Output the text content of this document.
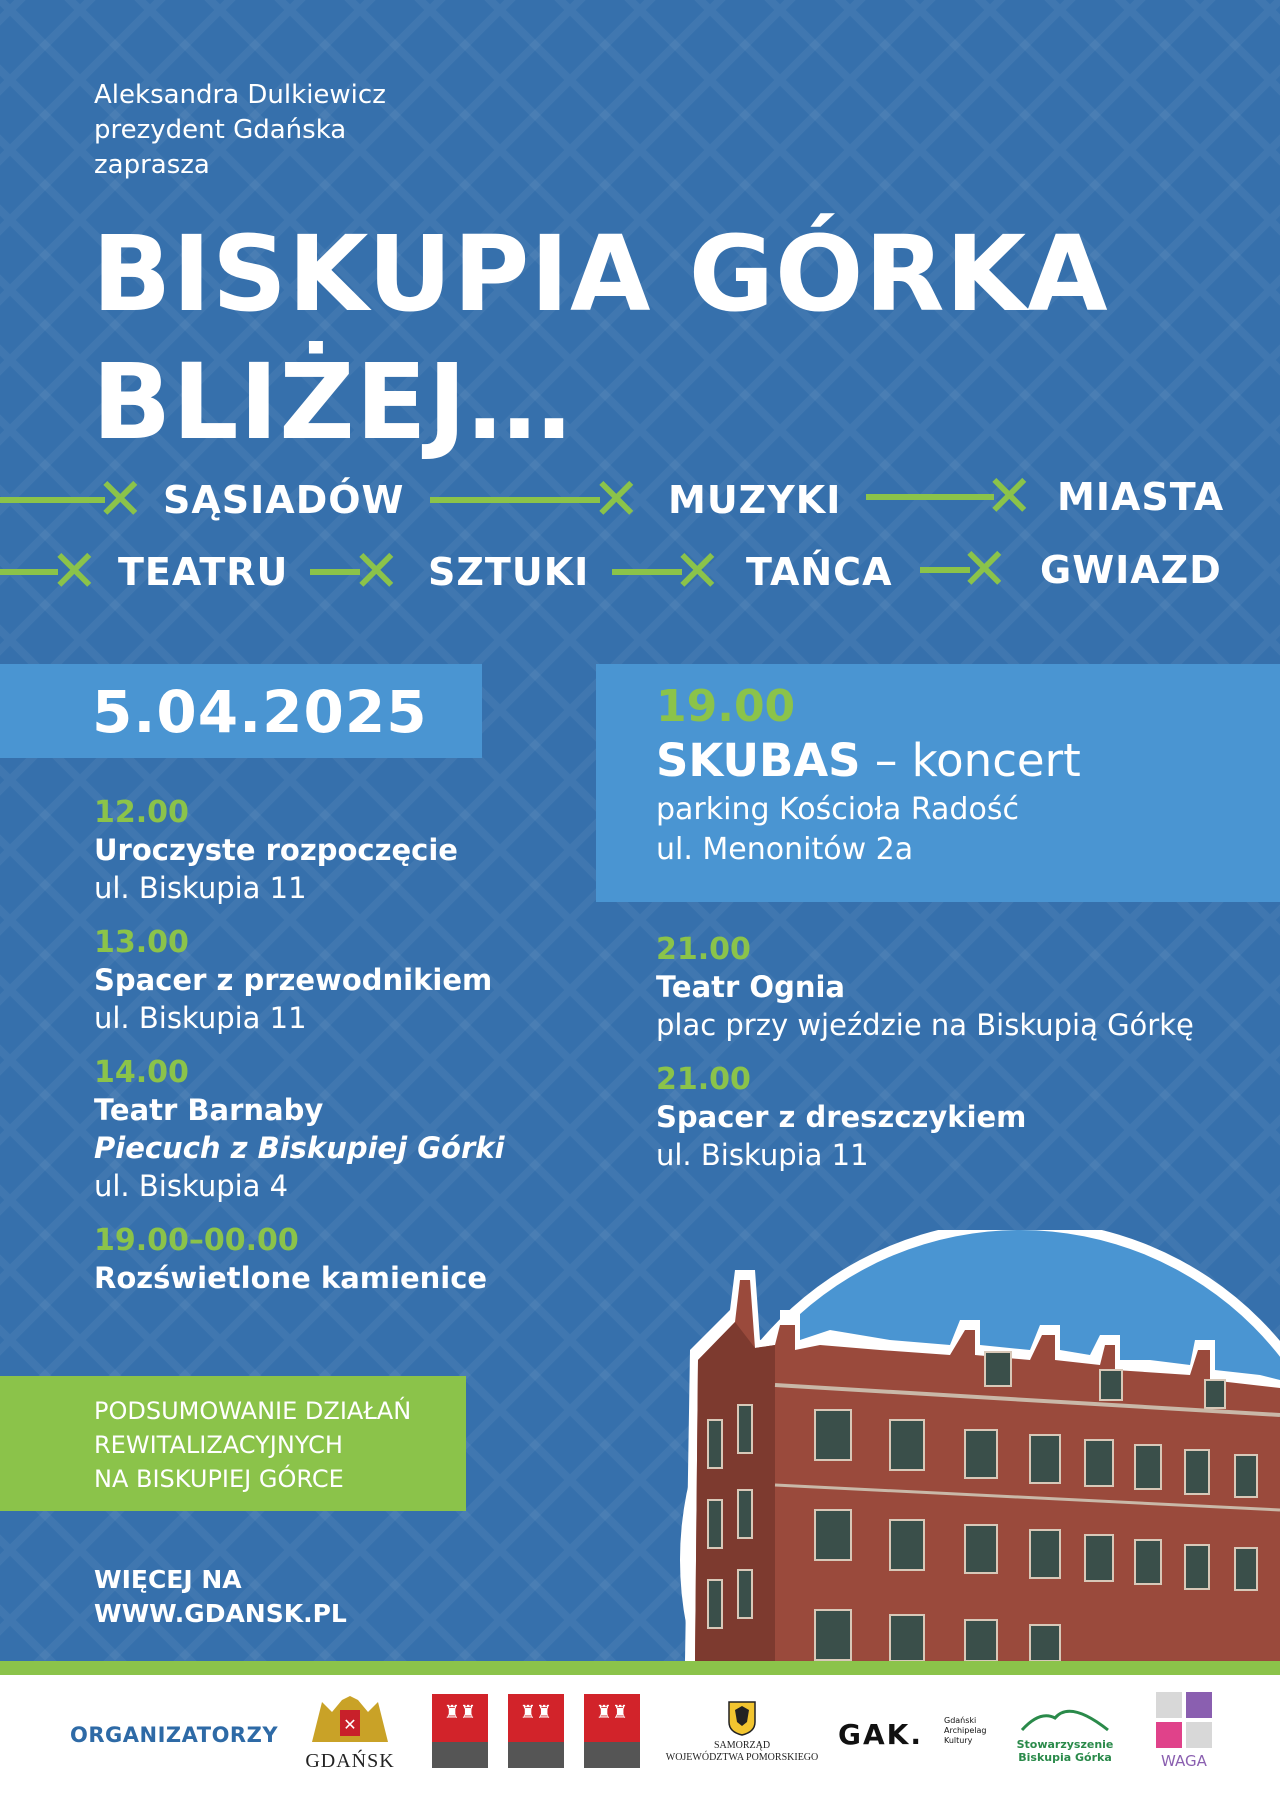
Aleksandra Dulkiewicz
prezydent Gdańska
zaprasza
BISKUPIA GÓRKA
BLIŻEJ…
✕ SĄSIADÓW	✕ MUZYKI ✕ MIASTA
✕ TEATRU ✕ SZTUKI ✕ TAŃCA ✕ GWIAZD
5.04.2025
12.00
Uroczyste rozpoczęcie
ul. Biskupia 11
13.00
Spacer z przewodnikiem
ul. Biskupia 11
14.00
Teatr Barnaby
Piecuch z Biskupiej Górki
ul. Biskupia 4
19.00–00.00
Rozświetlone kamienice
19.00
SKUBAS – koncert
parking Kościoła Radość
ul. Menonitów 2a
21.00
Teatr Ognia
plac przy wjeździe na Biskupią Górkę
21.00
Spacer z dreszczykiem
ul. Biskupia 11
PODSUMOWANIE DZIAŁAŃ
REWITALIZACYJNYCH
NA BISKUPIEJ GÓRCE
WIĘCEJ NA
WWW.GDANSK.PL
ORGANIZATORZY	✕
GDAŃSK
♜♜	♜♜	♜♜
SAMORZĄD
WOJEWÓDZTWA POMORSKIEGO
GAK.	Gdański
Archipelag
Kultury	Stowarzyszenie
Biskupia Górka	WAGA
